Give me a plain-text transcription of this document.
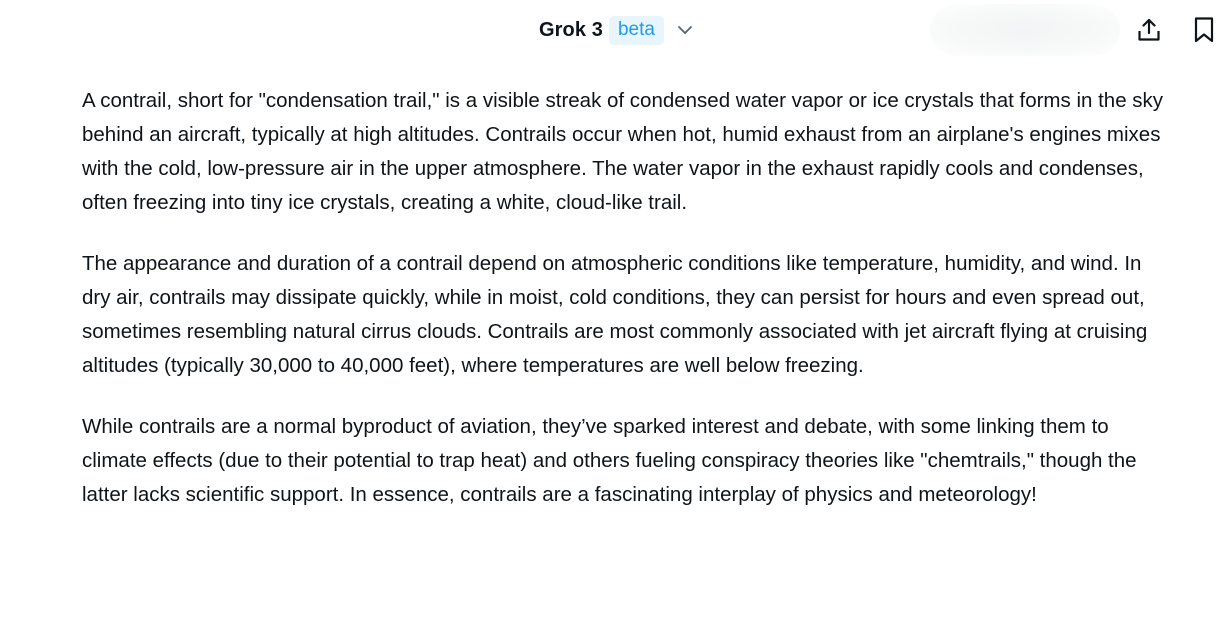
Grok 3 beta

A contrail, short for "condensation trail," is a visible streak of condensed water vapor or ice crystals that forms in the sky behind an aircraft, typically at high altitudes. Contrails occur when hot, humid exhaust from an airplane's engines mixes with the cold, low-pressure air in the upper atmosphere. The water vapor in the exhaust rapidly cools and condenses, often freezing into tiny ice crystals, creating a white, cloud-like trail.

The appearance and duration of a contrail depend on atmospheric conditions like temperature, humidity, and wind. In dry air, contrails may dissipate quickly, while in moist, cold conditions, they can persist for hours and even spread out, sometimes resembling natural cirrus clouds. Contrails are most commonly associated with jet aircraft flying at cruising altitudes (typically 30,000 to 40,000 feet), where temperatures are well below freezing.

While contrails are a normal byproduct of aviation, they’ve sparked interest and debate, with some linking them to climate effects (due to their potential to trap heat) and others fueling conspiracy theories like "chemtrails," though the latter lacks scientific support. In essence, contrails are a fascinating interplay of physics and meteorology!
